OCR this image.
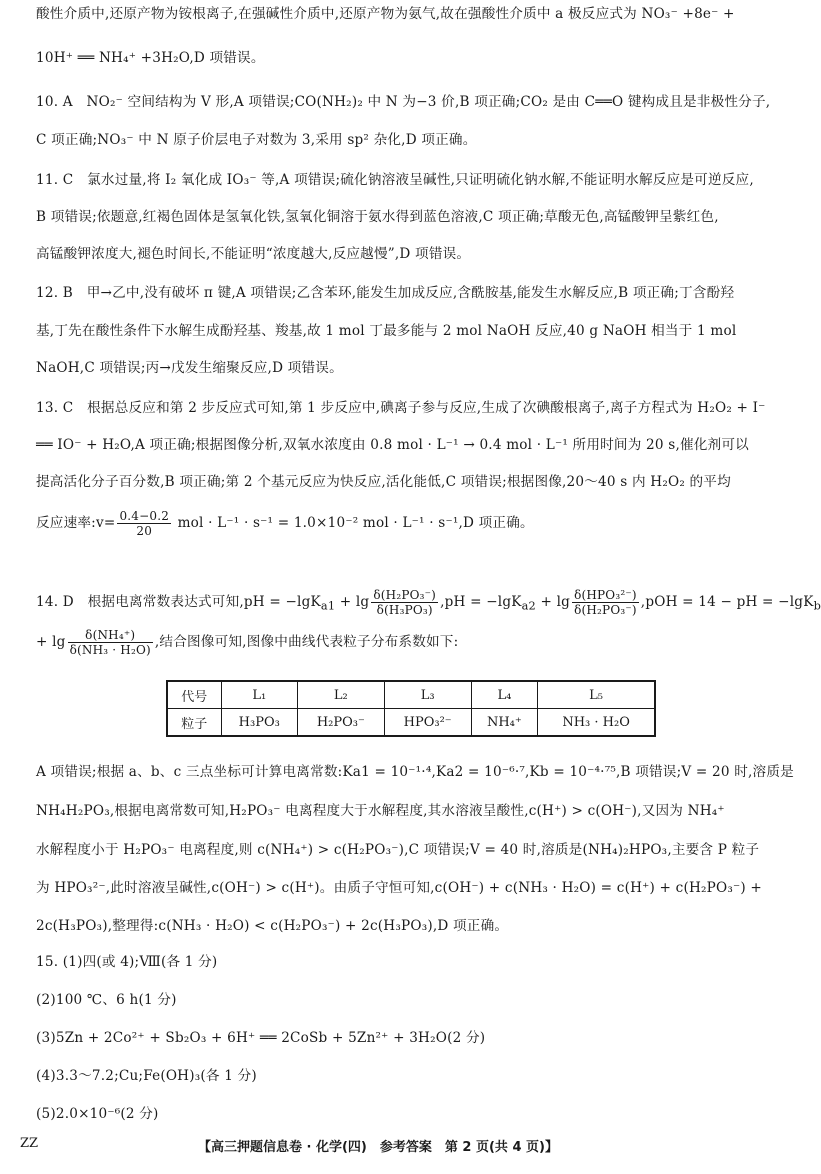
酸性介质中,还原产物为铵根离子,在强碱性介质中,还原产物为氨气,故在强酸性介质中 a 极反应式为 NO₃⁻ +8e⁻ +
10H⁺ ══ NH₄⁺ +3H₂O,D 项错误。
10. A　NO₂⁻ 空间结构为 V 形,A 项错误;CO(NH₂)₂ 中 N 为−3 价,B 项正确;CO₂ 是由 C══O 键构成且是非极性分子,
C 项正确;NO₃⁻ 中 N 原子价层电子对数为 3,采用 sp² 杂化,D 项正确。
11. C　氯水过量,将 I₂ 氧化成 IO₃⁻ 等,A 项错误;硫化钠溶液呈碱性,只证明硫化钠水解,不能证明水解反应是可逆反应,
B 项错误;依题意,红褐色固体是氢氧化铁,氢氧化铜溶于氨水得到蓝色溶液,C 项正确;草酸无色,高锰酸钾呈紫红色,
高锰酸钾浓度大,褪色时间长,不能证明“浓度越大,反应越慢”,D 项错误。
12. B　甲→乙中,没有破坏 π 键,A 项错误;乙含苯环,能发生加成反应,含酰胺基,能发生水解反应,B 项正确;丁含酚羟
基,丁先在酸性条件下水解生成酚羟基、羧基,故 1 mol 丁最多能与 2 mol NaOH 反应,40 g NaOH 相当于 1 mol
NaOH,C 项错误;丙→戊发生缩聚反应,D 项错误。
13. C　根据总反应和第 2 步反应式可知,第 1 步反应中,碘离子参与反应,生成了次碘酸根离子,离子方程式为 H₂O₂ + I⁻
══ IO⁻ + H₂O,A 项正确;根据图像分析,双氧水浓度由 0.8 mol · L⁻¹ → 0.4 mol · L⁻¹ 所用时间为 20 s,催化剂可以
提高活化分子百分数,B 项正确;第 2 个基元反应为快反应,活化能低,C 项错误;根据图像,20～40 s 内 H₂O₂ 的平均
反应速率:v= $\frac{0.4-0.2}{20}$ mol · L⁻¹ · s⁻¹ = 1.0×10⁻² mol · L⁻¹ · s⁻¹,D 项正确。
14. D　根据电离常数表达式可知$,pH = -\lg K_{a1} + \lg \frac{\text{δ(H₂PO₃⁻)}}{\text{δ(H₃PO₃)}} ,pH = -\lg K_{a2} + \lg \frac{\text{δ(HPO₃²⁻)}}{\text{δ(H₂PO₃⁻)}} ,pOH = 14$ − pH = −lgK$_b$
+ $\lg \frac{\text{δ(NH₄⁺)}}{\text{δ(NH₃ · H₂O)}}$ ,结合图像可知,图像中曲线代表粒子分布系数如下:
代号	L₁	L₂	L₃	L₄	L₅
粒子	H₃PO₃	H₂PO₃⁻	HPO₃²⁻	NH₄⁺	NH₃ · H₂O
A 项错误;根据 a、b、c 三点坐标可计算电离常数:Ka1 = 10⁻¹·⁴,Ka2 = 10⁻⁶·⁷,Kb = 10⁻⁴·⁷⁵,B 项错误;V = 20 时,溶质是
NH₄H₂PO₃,根据电离常数可知,H₂PO₃⁻ 电离程度大于水解程度,其水溶液呈酸性,c(H⁺) > c(OH⁻),又因为 NH₄⁺
水解程度小于 H₂PO₃⁻ 电离程度,则 c(NH₄⁺) > c(H₂PO₃⁻),C 项错误;V = 40 时,溶质是(NH₄)₂HPO₃,主要含 P 粒子
为 HPO₃²⁻,此时溶液呈碱性,c(OH⁻) > c(H⁺)。由质子守恒可知,c(OH⁻) + c(NH₃ · H₂O) = c(H⁺) + c(H₂PO₃⁻) +
2c(H₃PO₃),整理得:c(NH₃ · H₂O) < c(H₂PO₃⁻) + 2c(H₃PO₃),D 项正确。
15. (1)四(或 4);Ⅷ(各 1 分)
(2)100 ℃、6 h(1 分)
(3)5Zn + 2Co²⁺ + Sb₂O₃ + 6H⁺ ══ 2CoSb + 5Zn²⁺ + 3H₂O(2 分)
(4)3.3～7.2;Cu;Fe(OH)₃(各 1 分)
(5)2.0×10⁻⁶(2 分)
ZZ	【高三押题信息卷 · 化学(四)　参考答案　第 2 页(共 4 页)】
